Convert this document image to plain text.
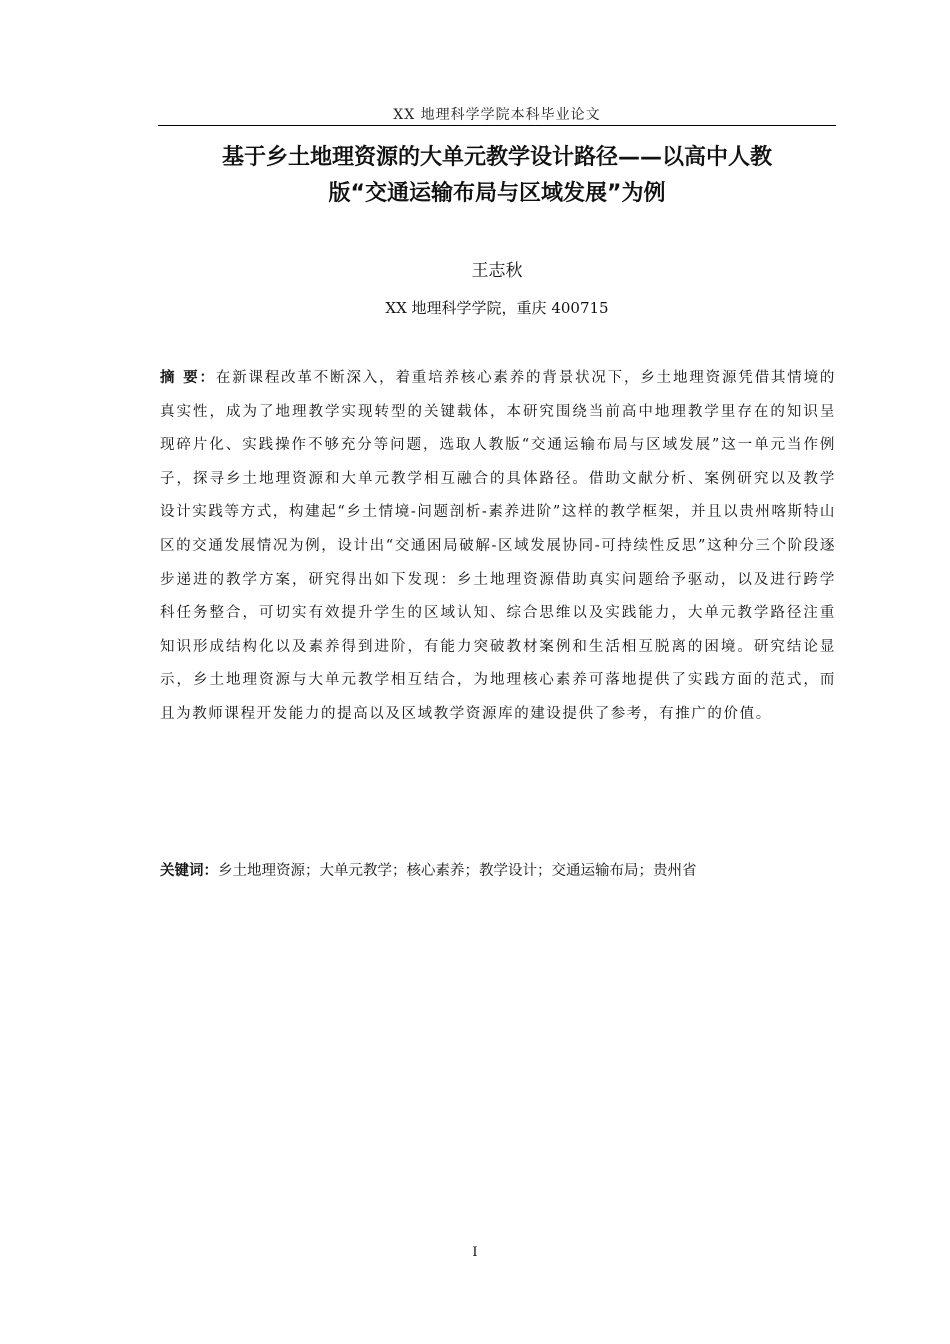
XX 地理科学学院本科毕业论文
基于乡土地理资源的大单元教学设计路径——以高中人教
版“交通运输布局与区域发展”为例
王志秋
XX 地理科学学院，重庆 400715

摘 要：在新课程改革不断深入，着重培养核心素养的背景状况下，乡土地理资源凭借其情境的真实性，成为了地理教学实现转型的关键载体，本研究围绕当前高中地理教学里存在的知识呈现碎片化、实践操作不够充分等问题，选取人教版“交通运输布局与区域发展”这一单元当作例子，探寻乡土地理资源和大单元教学相互融合的具体路径。借助文献分析、案例研究以及教学设计实践等方式，构建起“乡土情境-问题剖析-素养进阶”这样的教学框架，并且以贵州喀斯特山区的交通发展情况为例，设计出“交通困局破解-区域发展协同-可持续性反思”这种分三个阶段逐步递进的教学方案，研究得出如下发现：乡土地理资源借助真实问题给予驱动，以及进行跨学科任务整合，可切实有效提升学生的区域认知、综合思维以及实践能力，大单元教学路径注重知识形成结构化以及素养得到进阶，有能力突破教材案例和生活相互脱离的困境。研究结论显示，乡土地理资源与大单元教学相互结合，为地理核心素养可落地提供了实践方面的范式，而且为教师课程开发能力的提高以及区域教学资源库的建设提供了参考，有推广的价值。

关键词：乡土地理资源；大单元教学；核心素养；教学设计；交通运输布局；贵州省

I
